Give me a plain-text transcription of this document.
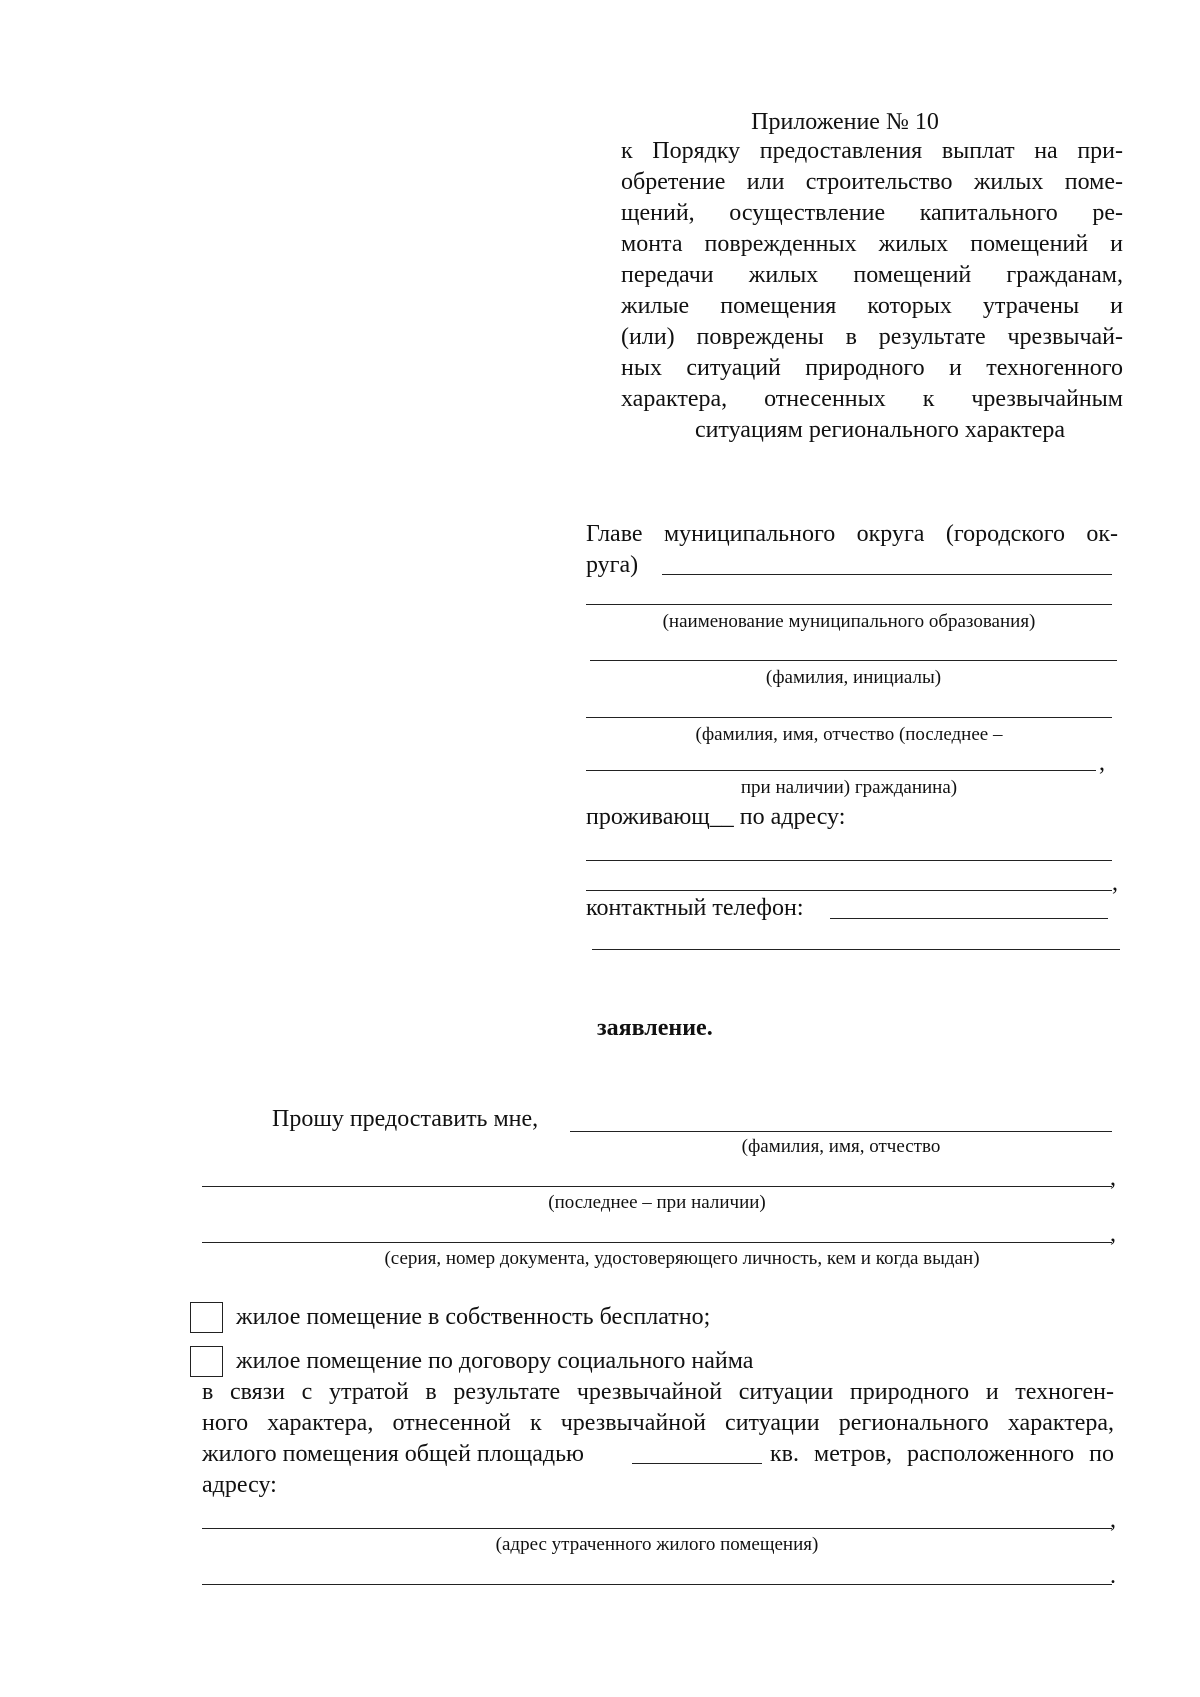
Приложение № 10
к Порядку предоставления выплат на при-
обретение или строительство жилых поме-
щений, осуществление капитального ре-
монта поврежденных жилых помещений и
передачи жилых помещений гражданам,
жилые помещения которых утрачены и
(или) повреждены в результате чрезвычай-
ных ситуаций природного и техногенного
характера, отнесенных к чрезвычайным
ситуациям регионального характера
Главе муниципального округа (городского ок-
руга)
(наименование муниципального образования)
(фамилия, инициалы)
(фамилия, имя, отчество (последнее –
,
при наличии) гражданина)
проживающ__ по адресу:
,
контактный телефон:
заявление.
Прошу предоставить мне,
(фамилия, имя, отчество
,
(последнее – при наличии)
,
(серия, номер документа, удостоверяющего личность, кем и когда выдан)
жилое помещение в собственность бесплатно;
жилое помещение по договору социального найма
в связи с утратой в результате чрезвычайной ситуации природного и техноген-
ного характера, отнесенной к чрезвычайной ситуации регионального характера,
жилого помещения общей площадью	кв. метров, расположенного по
адресу:
,
(адрес утраченного жилого помещения)
.
